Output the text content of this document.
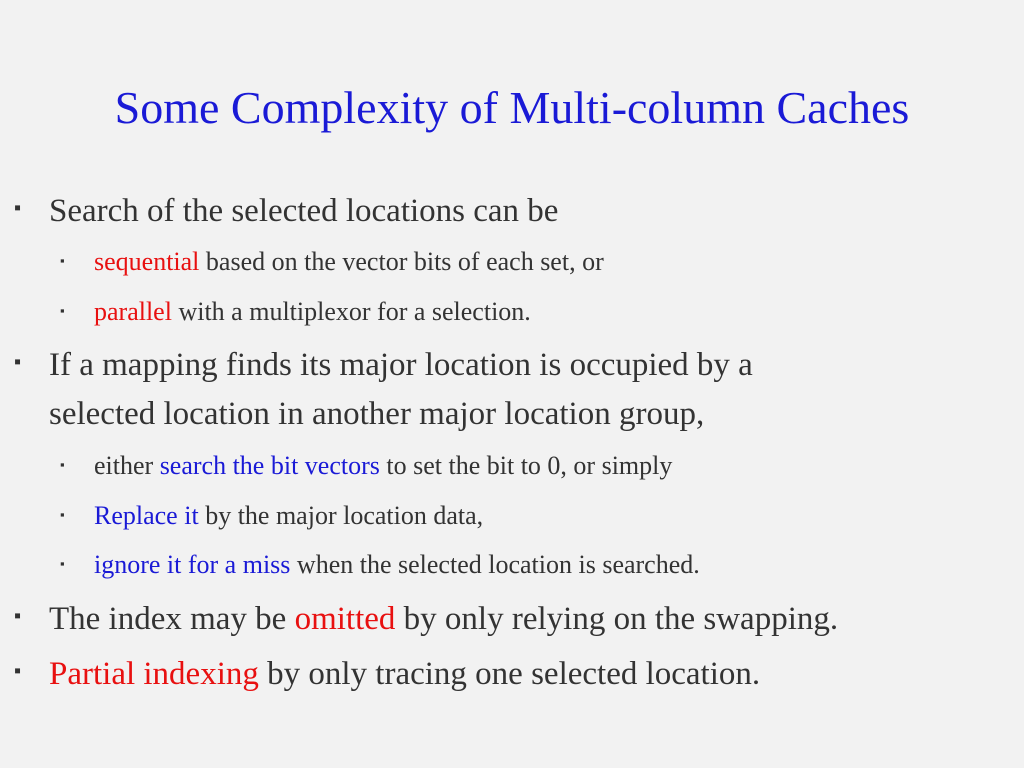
Some Complexity of Multi-column Caches
▪ Search of the selected locations can be
▪ sequential based on the vector bits of each set, or
▪ parallel with a multiplexor for a selection.
▪ If a mapping finds its major location is occupied by a
selected location in another major location group,
▪ either search the bit vectors to set the bit to 0, or simply
▪ Replace it by the major location data,
▪ ignore it for a miss when the selected location is searched.
▪ The index may be omitted by only relying on the swapping.
▪ Partial indexing by only tracing one selected location.
